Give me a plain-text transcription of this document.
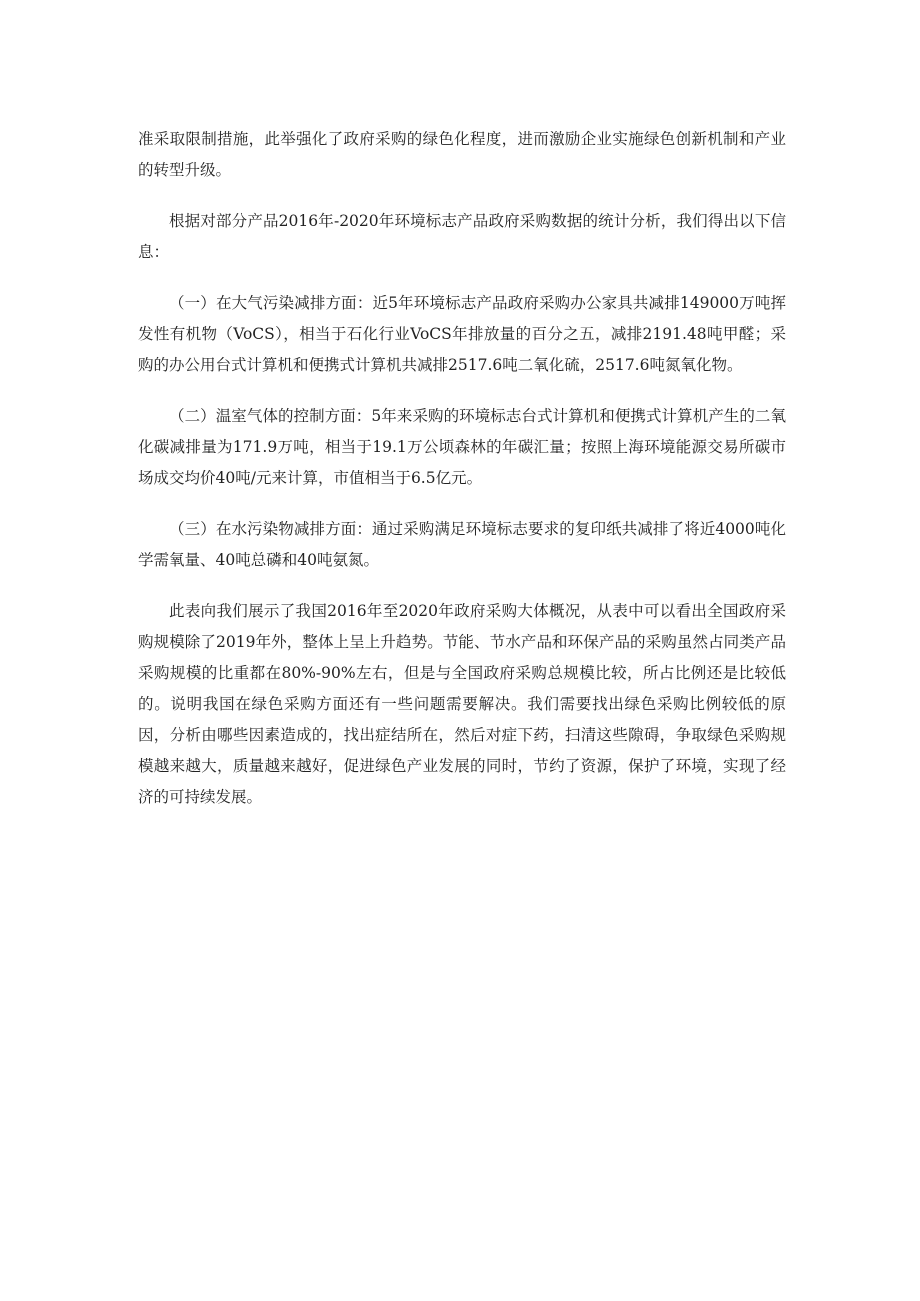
准采取限制措施，此举强化了政府采购的绿色化程度，进而激励企业实施绿色创新机制和产业的转型升级。

根据对部分产品2016年-2020年环境标志产品政府采购数据的统计分析，我们得出以下信息：

（一）在大气污染减排方面：近5年环境标志产品政府采购办公家具共减排149000万吨挥发性有机物（VoCS），相当于石化行业VoCS年排放量的百分之五，减排2191.48吨甲醛；采购的办公用台式计算机和便携式计算机共减排2517.6吨二氧化硫，2517.6吨氮氧化物。

（二）温室气体的控制方面：5年来采购的环境标志台式计算机和便携式计算机产生的二氧化碳减排量为171.9万吨，相当于19.1万公顷森林的年碳汇量；按照上海环境能源交易所碳市场成交均价40吨/元来计算，市值相当于6.5亿元。

（三）在水污染物减排方面：通过采购满足环境标志要求的复印纸共减排了将近4000吨化学需氧量、40吨总磷和40吨氨氮。

此表向我们展示了我国2016年至2020年政府采购大体概况，从表中可以看出全国政府采购规模除了2019年外，整体上呈上升趋势。节能、节水产品和环保产品的采购虽然占同类产品采购规模的比重都在80%-90%左右，但是与全国政府采购总规模比较，所占比例还是比较低的。说明我国在绿色采购方面还有一些问题需要解决。我们需要找出绿色采购比例较低的原因，分析由哪些因素造成的，找出症结所在，然后对症下药，扫清这些隙碍，争取绿色采购规模越来越大，质量越来越好，促进绿色产业发展的同时，节约了资源，保护了环境，实现了经济的可持续发展。
